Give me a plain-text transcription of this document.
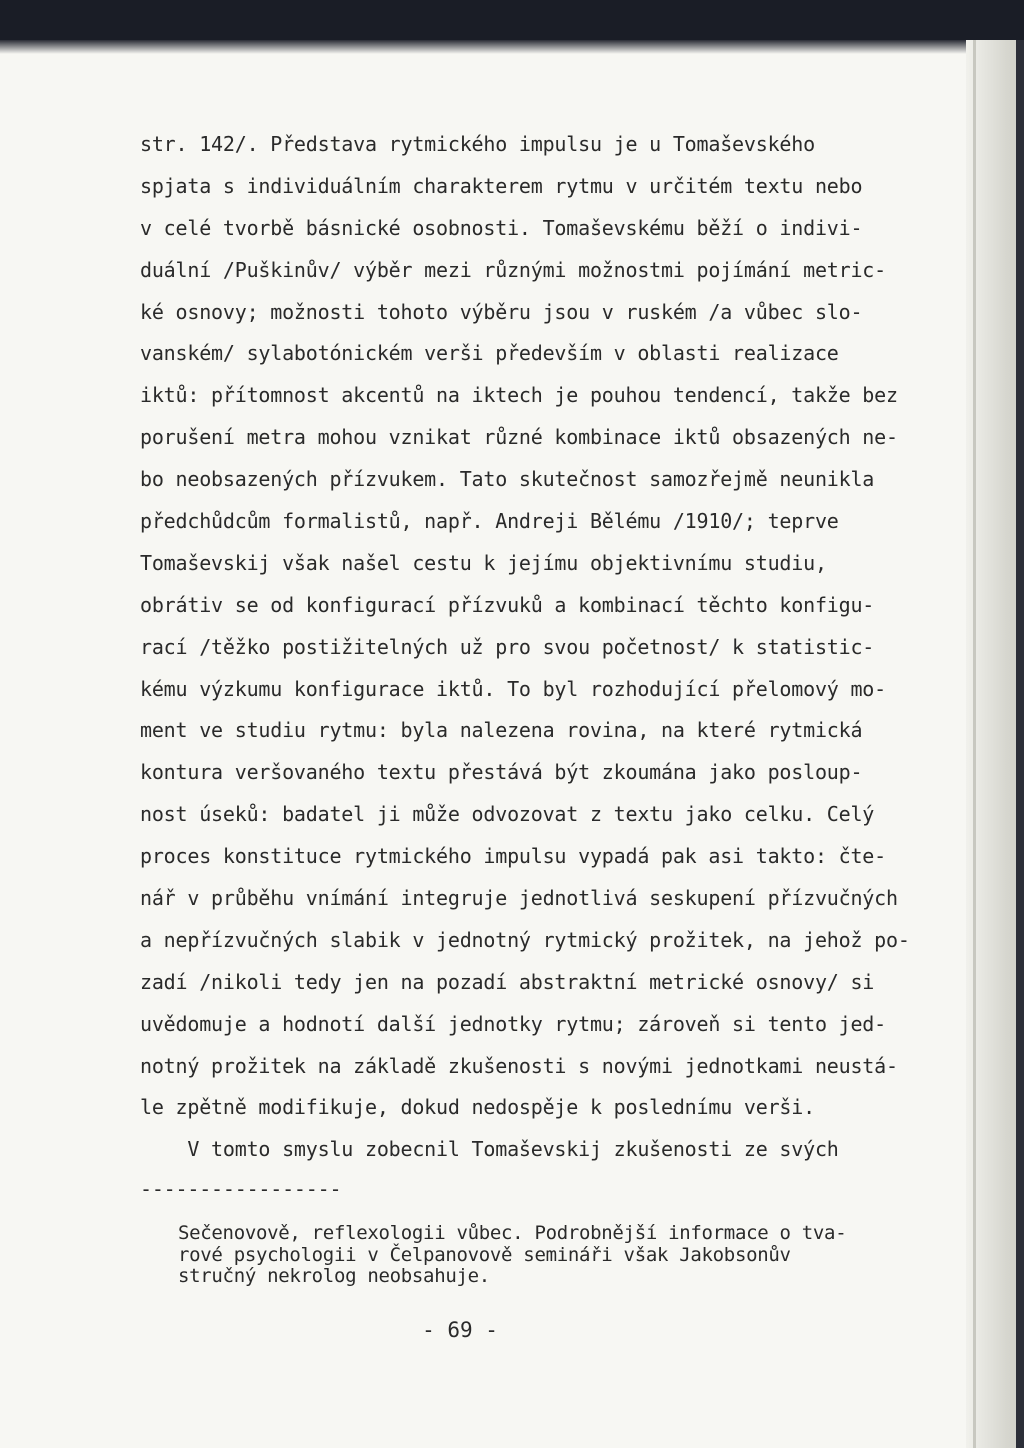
str. 142/. Představa rytmického impulsu je u Tomaševského
spjata s individuálním charakterem rytmu v určitém textu nebo
v celé tvorbě básnické osobnosti. Tomaševskému běží o indivi-
duální /Puškinův/ výběr mezi různými možnostmi pojímání metric-
ké osnovy; možnosti tohoto výběru jsou v ruském /a vůbec slo-
vanském/ sylabotónickém verši především v oblasti realizace
iktů: přítomnost akcentů na iktech je pouhou tendencí, takže bez
porušení metra mohou vznikat různé kombinace iktů obsazených ne-
bo neobsazených přízvukem. Tato skutečnost samozřejmě neunikla
předchůdcům formalistů, např. Andreji Bělému /1910/; teprve
Tomaševskij však našel cestu k jejímu objektivnímu studiu,
obrátiv se od konfigurací přízvuků a kombinací těchto konfigu-
rací /těžko postižitelných už pro svou početnost/ k statistic-
kému výzkumu konfigurace iktů. To byl rozhodující přelomový mo-
ment ve studiu rytmu: byla nalezena rovina, na které rytmická
kontura veršovaného textu přestává být zkoumána jako posloup-
nost úseků: badatel ji může odvozovat z textu jako celku. Celý
proces konstituce rytmického impulsu vypadá pak asi takto: čte-
nář v průběhu vnímání integruje jednotlivá seskupení přízvučných
a nepřízvučných slabik v jednotný rytmický prožitek, na jehož po-
zadí /nikoli tedy jen na pozadí abstraktní metrické osnovy/ si
uvědomuje a hodnotí další jednotky rytmu; zároveň si tento jed-
notný prožitek na základě zkušenosti s novými jednotkami neustá-
le zpětně modifikuje, dokud nedospěje k poslednímu verši.
V tomto smyslu zobecnil Tomaševskij zkušenosti ze svých
-----------------
Sečenovově, reflexologii vůbec. Podrobnější informace o tva-
rové psychologii v Čelpanovově semináři však Jakobsonův
stručný nekrolog neobsahuje.
- 69 -
